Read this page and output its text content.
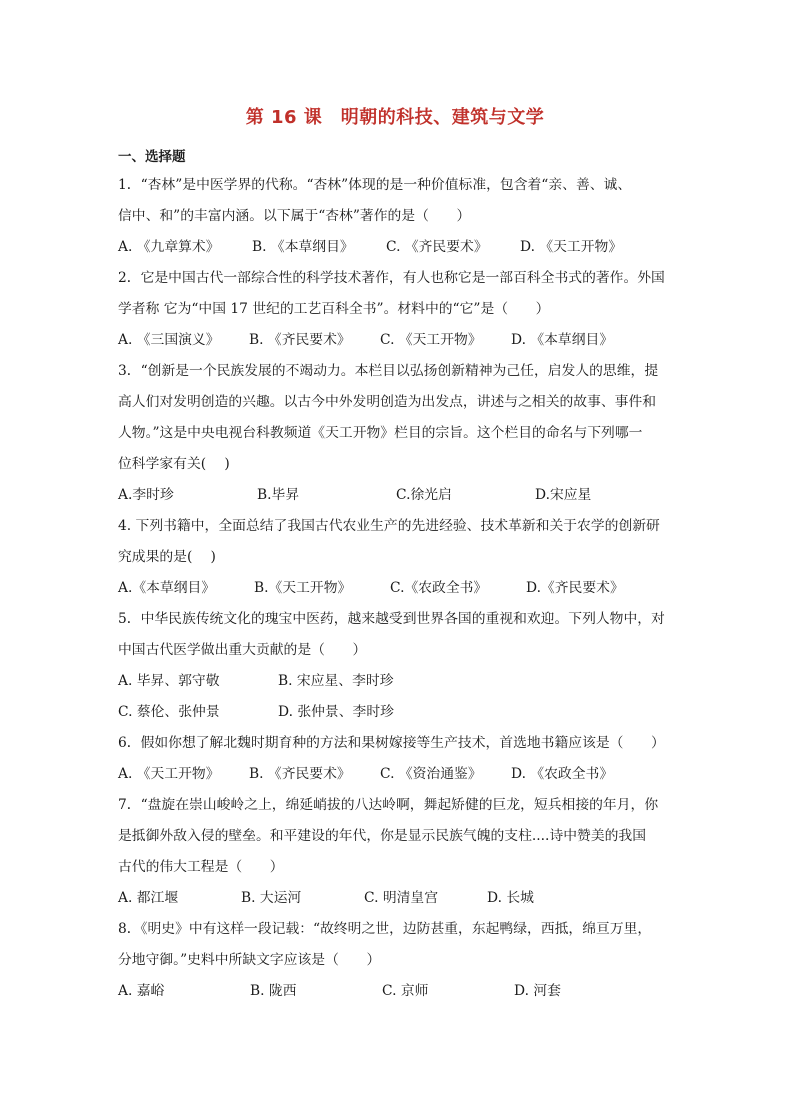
第 16 课　明朝的科技、建筑与文学
一、选择题
1．“杏林”是中医学界的代称。“杏林”体现的是一种价值标准，包含着“亲、善、诚、
信中、和”的丰富内涵。以下属于“杏林”著作的是（　　）
A. 《九章算术》	B. 《本草纲目》	C. 《齐民要术》	D. 《天工开物》
2．它是中国古代一部综合性的科学技术著作，有人也称它是一部百科全书式的著作。外国
学者称 它为“中国 17 世纪的工艺百科全书”。材料中的“它”是（　　）
A. 《三国演义》	B. 《齐民要术》	C. 《天工开物》	D. 《本草纲目》
3．“创新是一个民族发展的不竭动力。本栏目以弘扬创新精神为己任，启发人的思维，提
高人们对发明创造的兴趣。以古今中外发明创造为出发点，讲述与之相关的故事、事件和
人物。”这是中央电视台科教频道《天工开物》栏目的宗旨。这个栏目的命名与下列哪一
位科学家有关(　 )
A.李时珍	B.毕昇	C.徐光启	D.宋应星
4. 下列书籍中，全面总结了我国古代农业生产的先进经验、技术革新和关于农学的创新研
究成果的是(　 )
A.《本草纲目》	B.《天工开物》	C.《农政全书》	D.《齐民要术》
5．中华民族传统文化的瑰宝中医药，越来越受到世界各国的重视和欢迎。下列人物中，对
中国古代医学做出重大贡献的是（　　）
A. 毕昇、郭守敬	B. 宋应星、李时珍
C. 蔡伦、张仲景	D. 张仲景、李时珍
6．假如你想了解北魏时期育种的方法和果树嫁接等生产技术，首选地书籍应该是（　　）
A. 《天工开物》	B. 《齐民要术》	C. 《资治通鉴》	D. 《农政全书》
7．“盘旋在崇山峻岭之上，绵延峭拔的八达岭啊，舞起矫健的巨龙，短兵相接的年月，你
是抵御外敌入侵的壁垒。和平建设的年代，你是显示民族气魄的支柱....诗中赞美的我国
古代的伟大工程是（　　）
A. 都江堰	B. 大运河	C. 明清皇宫	D. 长城
8．《明史》中有这样一段记载：“故终明之世，边防甚重，东起鸭绿，西抵，绵亘万里，
分地守御。”史料中所缺文字应该是（　　）
A. 嘉峪	B. 陇西	C. 京师	D. 河套
